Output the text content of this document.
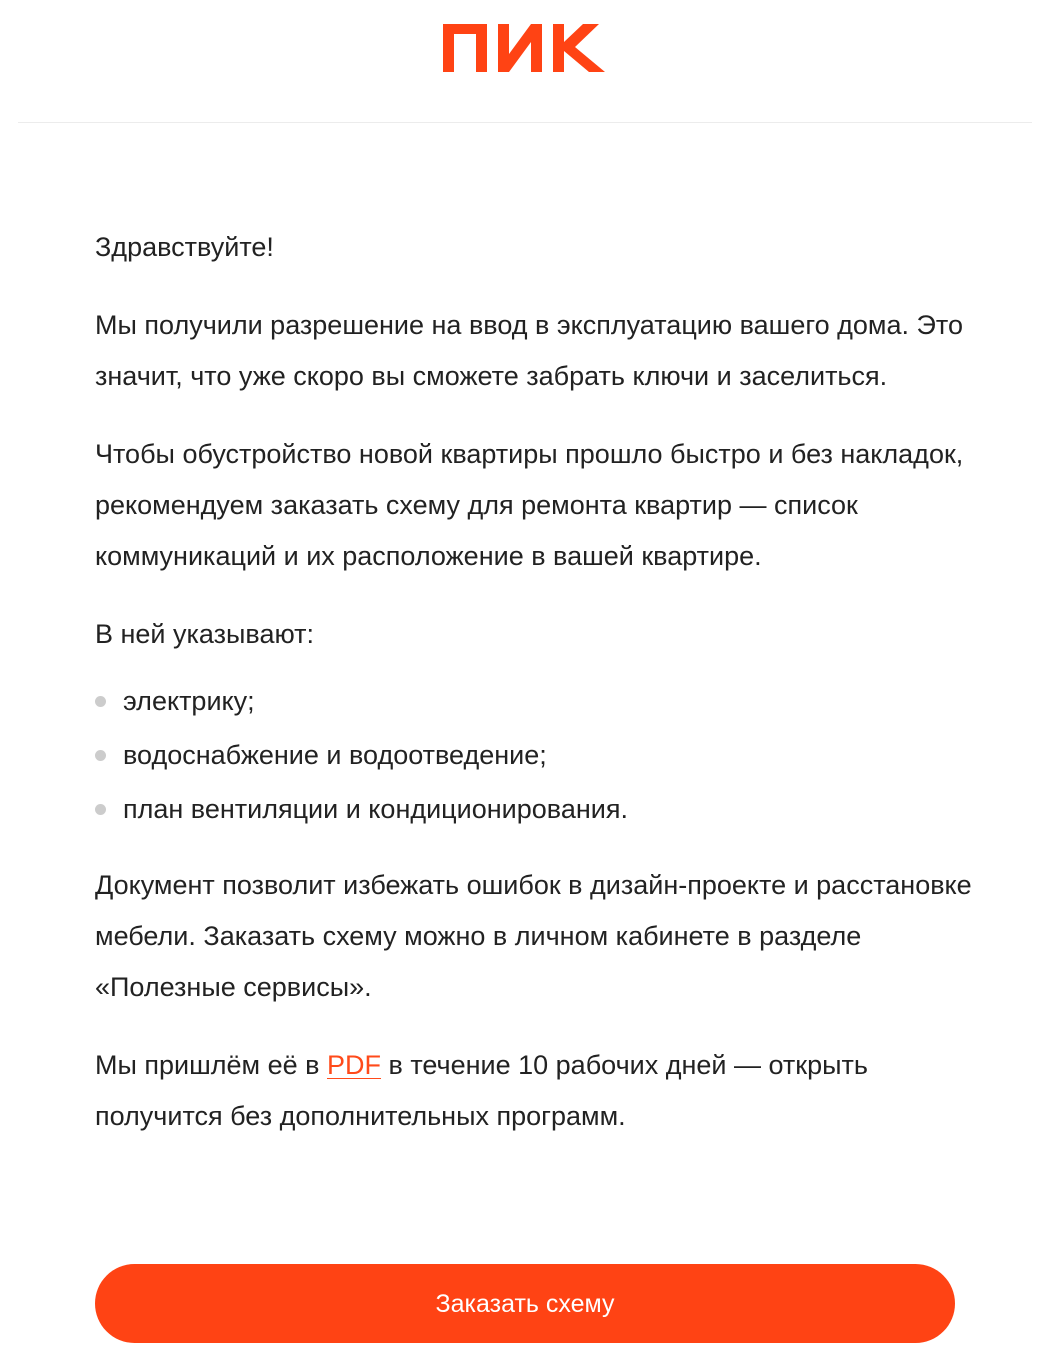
Здравствуйте!

Мы получили разрешение на ввод в эксплуатацию вашего дома. Это значит, что уже скоро вы сможете забрать ключи и заселиться.

Чтобы обустройство новой квартиры прошло быстро и без накладок, рекомендуем заказать схему для ремонта квартир — список коммуникаций и их расположение в вашей квартире.

В ней указывают:

электрику;
водоснабжение и водоотведение;
план вентиляции и кондиционирования.

Документ позволит избежать ошибок в дизайн-проекте и расстановке мебели. Заказать схему можно в личном кабинете в разделе «Полезные сервисы».

Мы пришлём её в PDF в течение 10 рабочих дней — открыть получится без дополнительных программ.

Заказать схему
